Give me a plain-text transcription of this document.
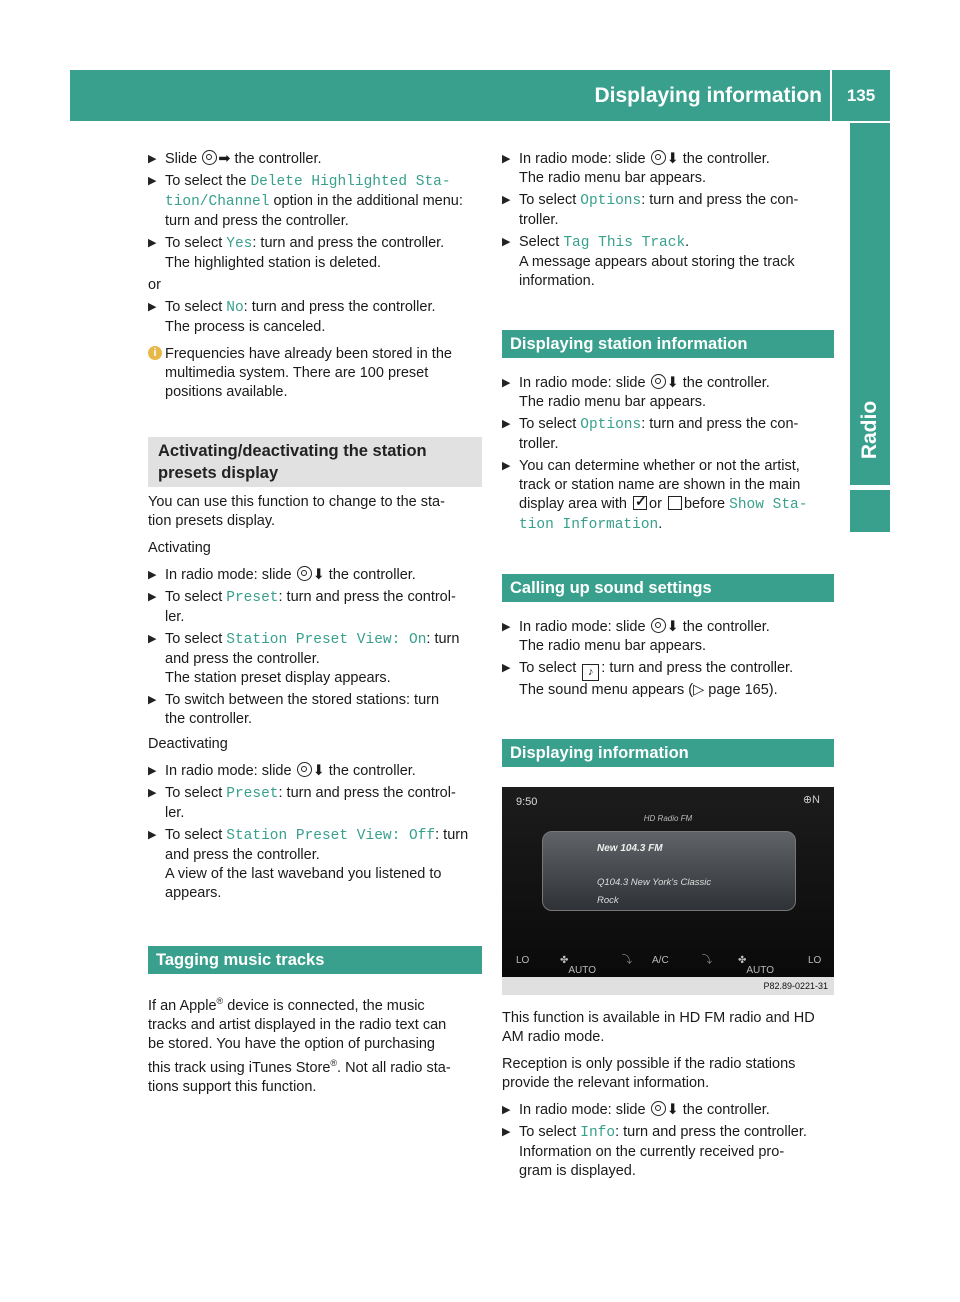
Displaying information	135
Radio
▶ Slide ➡ the controller.
▶ To select the Delete Highlighted Sta-
tion/Channel option in the additional menu:
turn and press the controller.
▶ To select Yes: turn and press the controller.
The highlighted station is deleted.
or
▶ To select No: turn and press the controller.
The process is canceled.
i Frequencies have already been stored in the
multimedia system. There are 100 preset
positions available.
Activating/deactivating the station
presets display
You can use this function to change to the sta-
tion presets display.
Activating
▶ In radio mode: slide ⬇ the controller.
▶ To select Preset: turn and press the control-
ler.
▶ To select Station Preset View: On: turn
and press the controller.
The station preset display appears.
▶ To switch between the stored stations: turn
the controller.
Deactivating
▶ In radio mode: slide ⬇ the controller.
▶ To select Preset: turn and press the control-
ler.
▶ To select Station Preset View: Off: turn
and press the controller.
A view of the last waveband you listened to
appears.
Tagging music tracks
If an Apple® device is connected, the music
tracks and artist displayed in the radio text can
be stored. You have the option of purchasing
this track using iTunes Store®. Not all radio sta-
tions support this function.
▶ In radio mode: slide ⬇ the controller.
The radio menu bar appears.
▶ To select Options: turn and press the con-
troller.
▶ Select Tag This Track.
A message appears about storing the track
information.
Displaying station information
▶ In radio mode: slide ⬇ the controller.
The radio menu bar appears.
▶ To select Options: turn and press the con-
troller.
▶ You can determine whether or not the artist,
track or station name are shown in the main
display area with ✓ or before Show Sta-
tion Information.
Calling up sound settings
▶ In radio mode: slide ⬇ the controller.
The radio menu bar appears.
▶ To select ♪ : turn and press the controller.
The sound menu appears (▷ page 165).
Displaying information
9:50	⊕N
HD Radio FM
New 104.3 FM
Q104.3 New York's Classic
Rock
LO	✤
AUTO
⤵ A/C	⤵	✤
AUTO
LO
P82.89-0221-31
This function is available in HD FM radio and HD
AM radio mode.
Reception is only possible if the radio stations
provide the relevant information.
▶ In radio mode: slide ⬇ the controller.
▶ To select Info: turn and press the controller.
Information on the currently received pro-
gram is displayed.
